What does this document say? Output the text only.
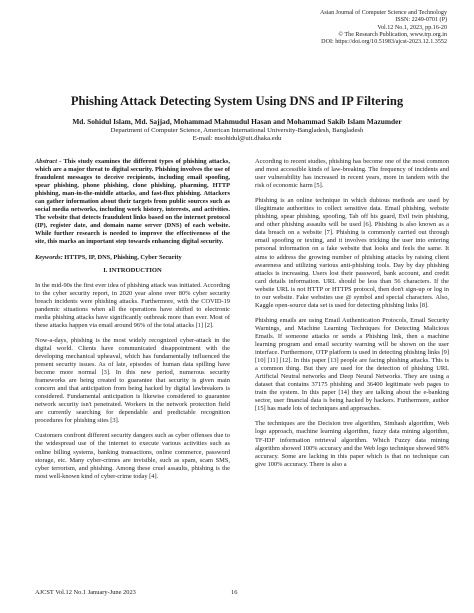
Asian Journal of Computer Science and Technology
ISSN: 2249-0701 (P)
Vol.12 No.1, 2023, pp.16-20
© The Research Publication, www.trp.org.in
DOI: https://doi.org/10.51983/ajcst-2023.12.1.3552
Phishing Attack Detecting System Using DNS and IP Filtering
Md. Sohidul Islam, Md. Sajjad, Mohammad Mahmudul Hasan and Mohammad Sakib Islam Mazumder
Department of Computer Science, American International University-Bangladesh, Bangladesh
E-mail: msohidul@uit.dhaka.edu

Abstract - This study examines the different types of phishing attacks, which are a major threat to digital security. Phishing involves the use of fraudulent messages to deceive recipients, including email spoofing, spear phishing, phone phishing, clone phishing, pharming, HTTP phishing, man-in-the-middle attacks, and fast-flux phishing. Attackers can gather information about their targets from public sources such as social media networks, including work history, interests, and activities. The website that detects fraudulent links based on the internet protocol (IP), register date, and domain name server (DNS) of each website. While further research is needed to improve the effectiveness of the site, this marks an important step towards enhancing digital security.

Keywords: HTTPS, IP, DNS, Phishing, Cyber Security

I. INTRODUCTION

In the mid-90s the first ever idea of phishing attack was initiated. According to the cyber security report, in 2020 year alone over 80% cyber security breach incidents were phishing attacks. Furthermore, with the COVID-19 pandemic situations when all the operations have shifted to electronic media phishing attacks have significantly outbreak more than ever. Most of these attacks happen via email around 96% of the total attacks [1] [2].

Now-a-days, phishing is the most widely recognized cyber-attack in the digital world. Clients have communicated disappointment with the developing mechanical upheaval, which has fundamentally influenced the present security issues. As of late, episodes of human data spilling have become more normal [3]. In this new period, numerous security frameworks are being created to guarantee that security is given main concern and that anticipation from being hacked by digital lawbreakers is considered. Fundamental anticipation is likewise considered to guarantee network security isn't penetrated. Workers in the network protection field are currently searching for dependable and predictable recognition procedures for phishing sites [3].

Customers confront different security dangers such as cyber offenses due to the widespread use of the internet to execute various activities such as online billing systems, banking transactions, online commerce, password storage, etc. Many cyber-crimes are invisible, such as spam, scam SMS, cyber terrorism, and phishing. Among these cruel assaults, phishing is the most well-known kind of cyber-crime today [4].

According to recent studies, phishing has become one of the most common and most accessible kinds of law-breaking. The frequency of incidents and user vulnerability has increased in recent years, more in tandem with the risk of economic harm [5].

Phishing is an online technique in which dubious methods are used by illegitimate authorities to collect sensitive data. Email phishing, website phishing, spear phishing, spoofing, Tab off his guard, Evil twin phishing, and other phishing assaults will be used [6]. Phishing is also known as a data breach on a website [7]. Phishing is commonly carried out through email spoofing or texting, and it involves tricking the user into entering personal information on a fake website that looks and feels the same. It aims to address the growing number of phishing attacks by raising client awareness and utilizing various anti-phishing tools. Day by day phishing attacks is increasing. Users lost their password, bank account, and credit card details information. URL should be less than 56 characters. If the website URL is not HTTP or HTTPS protocol, then don't sign-up or log in to our website. Fake websites use @ symbol and special characters. Also, Kaggle open-source data set is used for detecting phishing links [8].

Phishing emails are using Email Authentication Protocols, Email Security Warnings, and Machine Learning Techniques for Detecting Malicious Emails. If someone attacks or sends a Phishing link, then a machine learning program and email security warning will be shown on the user interface. Furthermore, OTP platform is used in detecting phishing links [9] [10] [11] [12]. In this paper [13] people are facing phishing attacks. This is a common thing. But they are used for the detection of phishing URL Artificial Neutral networks and Deep Neural Networks. They are using a dataset that contains 37175 phishing and 36400 legitimate web pages to train the system. In this paper [14] they are talking about the e-banking sector, user financial data is being hacked by hackers. Furthermore, author [15] has made lots of techniques and approaches.

The techniques are the Decision tree algorithm, Simhash algorithm, Web logo approach, machine learning algorithm, fuzzy data mining algorithm, TF-IDF information retrieval algorithm. Which Fuzzy data mining algorithm showed 100% accuracy and the Web logo technique showed 98% accuracy. Some are lacking in this paper which is that no technique can give 100% accuracy. There is also a

AJCST Vol.12 No.1 January-June 2023	16
